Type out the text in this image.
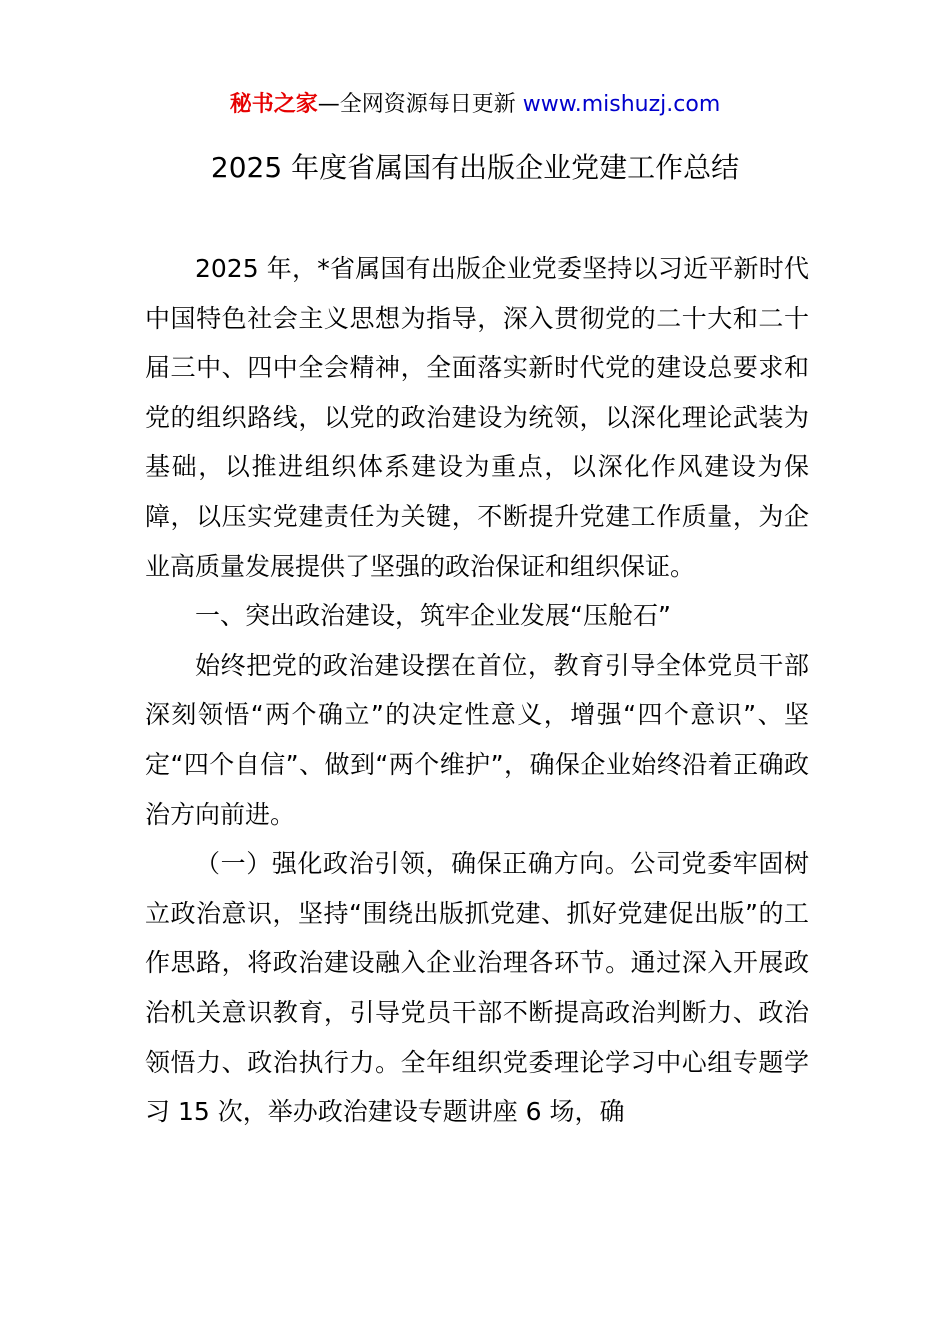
秘书之家—全网资源每日更新 www.mishuzj.com
2025 年度省属国有出版企业党建工作总结

2025 年，*省属国有出版企业党委坚持以习近平新时代中国特色社会主义思想为指导，深入贯彻党的二十大和二十届三中、四中全会精神，全面落实新时代党的建设总要求和党的组织路线，以党的政治建设为统领，以深化理论武装为基础，以推进组织体系建设为重点，以深化作风建设为保障，以压实党建责任为关键，不断提升党建工作质量，为企业高质量发展提供了坚强的政治保证和组织保证。

一、突出政治建设，筑牢企业发展“压舱石”

始终把党的政治建设摆在首位，教育引导全体党员干部深刻领悟“两个确立”的决定性意义，增强“四个意识”、坚定“四个自信”、做到“两个维护”，确保企业始终沿着正确政治方向前进。

（一）强化政治引领，确保正确方向。公司党委牢固树立政治意识，坚持“围绕出版抓党建、抓好党建促出版”的工作思路，将政治建设融入企业治理各环节。通过深入开展政治机关意识教育，引导党员干部不断提高政治判断力、政治领悟力、政治执行力。全年组织党委理论学习中心组专题学习 15 次，举办政治建设专题讲座 6 场，确
